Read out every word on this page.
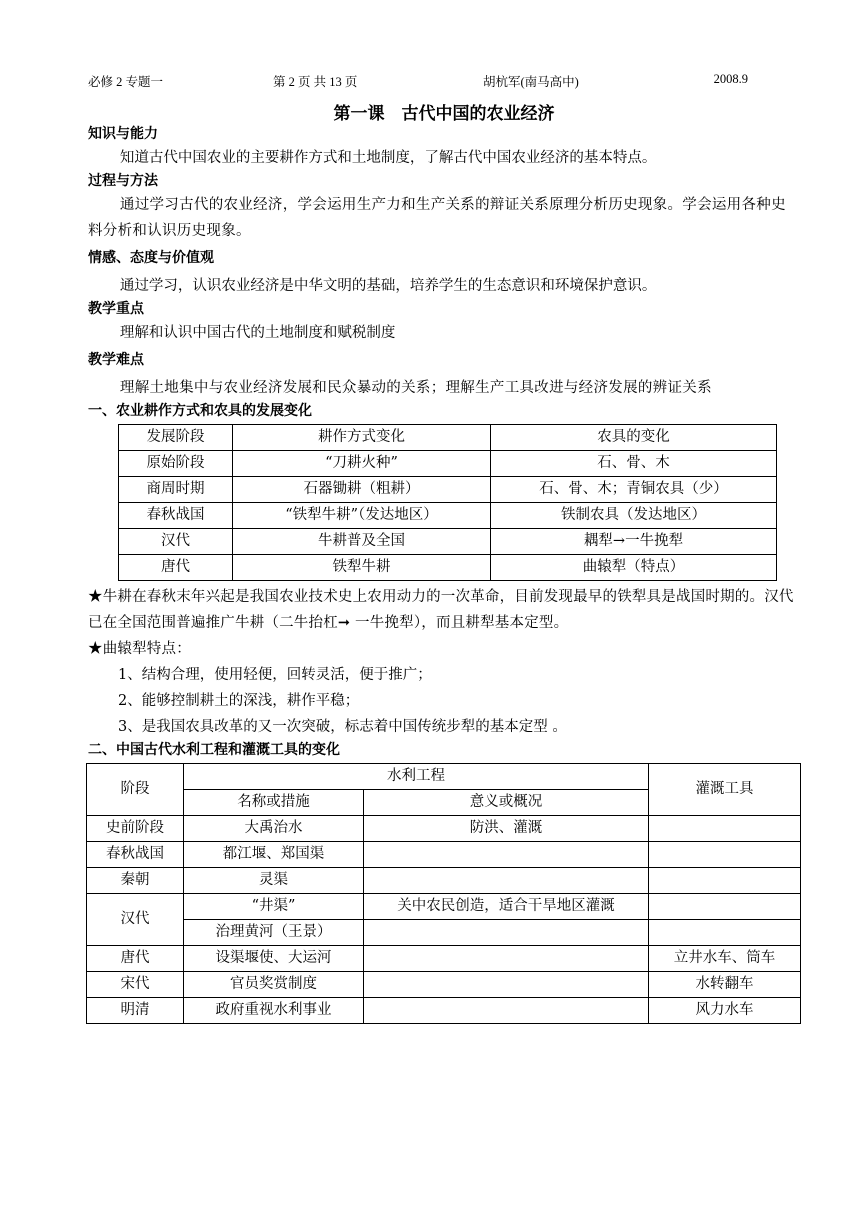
必修 2 专题一	第 2 页 共 13 页	胡杭军(南马高中)	2008.9
第一课　古代中国的农业经济
知识与能力
知道古代中国农业的主要耕作方式和土地制度，了解古代中国农业经济的基本特点。
过程与方法
通过学习古代的农业经济，学会运用生产力和生产关系的辩证关系原理分析历史现象。学会运用各种史料分析和认识历史现象。
情感、态度与价值观
通过学习，认识农业经济是中华文明的基础，培养学生的生态意识和环境保护意识。
教学重点
理解和认识中国古代的土地制度和赋税制度
教学难点
理解土地集中与农业经济发展和民众暴动的关系；理解生产工具改进与经济发展的辨证关系
一、农业耕作方式和农具的发展变化
发展阶段	耕作方式变化	农具的变化
原始阶段	“刀耕火种”	石、骨、木
商周时期	石器锄耕（粗耕）	石、骨、木；青铜农具（少）
春秋战国	“铁犁牛耕”（发达地区）	铁制农具（发达地区）
汉代	牛耕普及全国	耦犁→一牛挽犁
唐代	铁犁牛耕	曲辕犁（特点）
★牛耕在春秋末年兴起是我国农业技术史上农用动力的一次革命，目前发现最早的铁犁具是战国时期的。汉代已在全国范围普遍推广牛耕（二牛抬杠➞ 一牛挽犁），而且耕犁基本定型。
★曲辕犁特点：
1、结构合理，使用轻便，回转灵活，便于推广；
2、能够控制耕土的深浅，耕作平稳；
3、是我国农具改革的又一次突破，标志着中国传统步犁的基本定型 。
二、中国古代水利工程和灌溉工具的变化
阶段	水利工程		灌溉工具
	名称或措施	意义或概况	
史前阶段	大禹治水	防洪、灌溉	
春秋战国	都江堰、郑国渠		
秦朝	灵渠		
汉代	“井渠”	关中农民创造，适合干旱地区灌溉	
	治理黄河（王景）		
唐代	设渠堰使、大运河		立井水车、筒车
宋代	官员奖赏制度		水转翻车
明清	政府重视水利事业		风力水车
